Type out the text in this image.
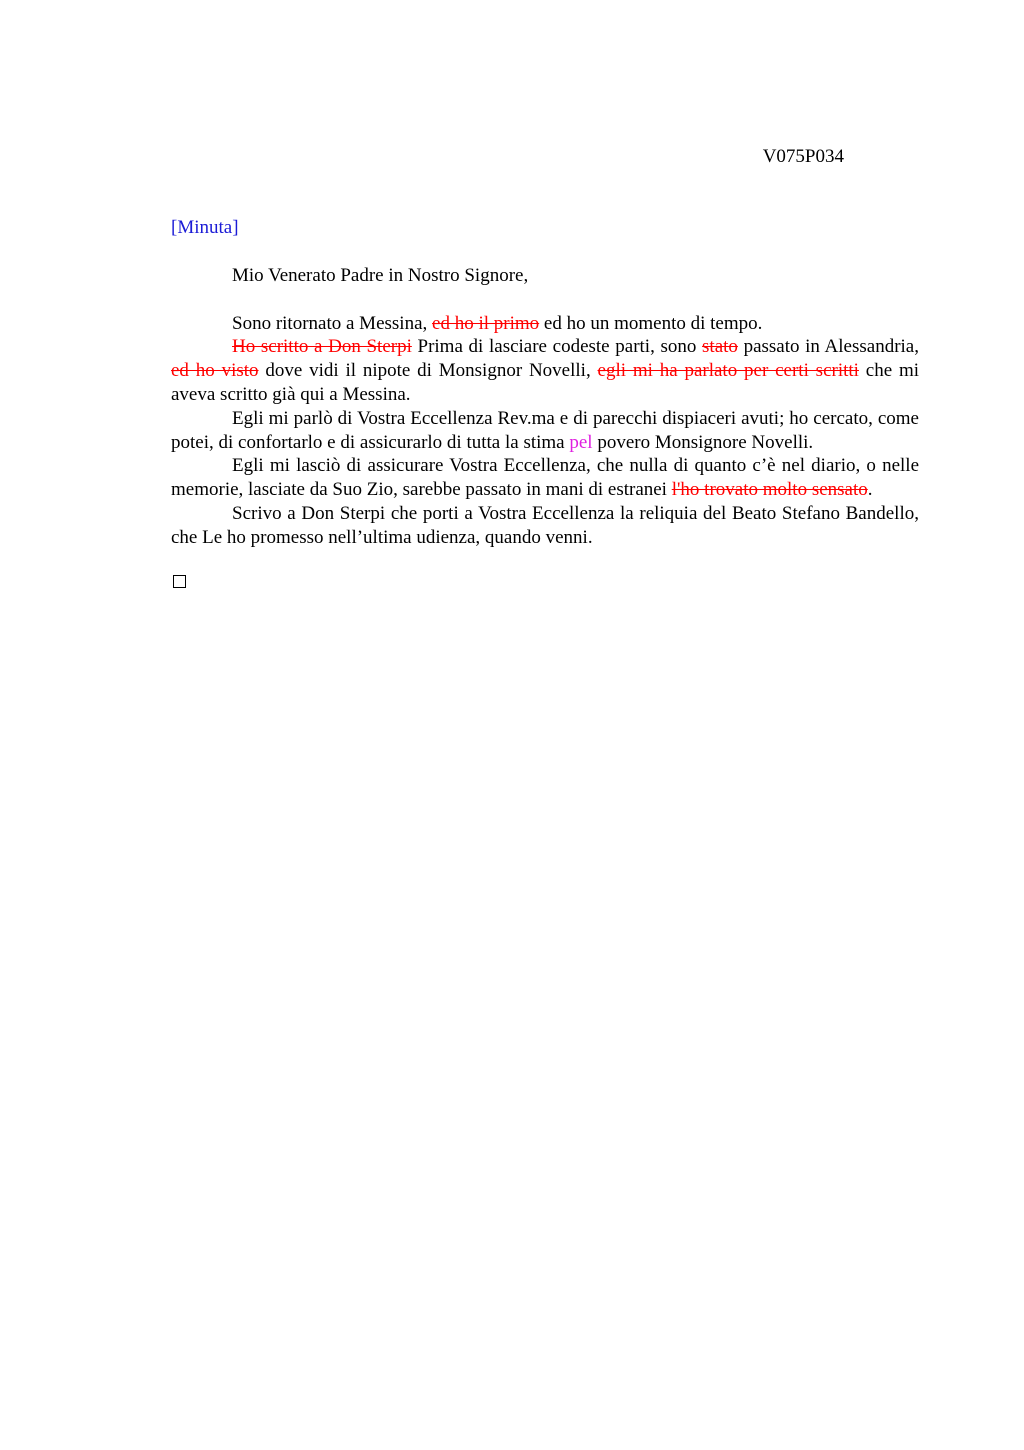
V075P034

[Minuta]

Mio Venerato Padre in Nostro Signore,

Sono ritornato a Messina, ed ho il primo ed ho un momento di tempo.

Ho scritto a Don Sterpi Prima di lasciare codeste parti, sono stato passato in Alessandria, ed ho visto dove vidi il nipote di Monsignor Novelli, egli mi ha parlato per certi scritti che mi aveva scritto già qui a Messina.

Egli mi parlò di Vostra Eccellenza Rev.ma e di parecchi dispiaceri avuti; ho cercato, come potei, di confortarlo e di assicurarlo di tutta la stima pel povero Monsignore Novelli.

Egli mi lasciò di assicurare Vostra Eccellenza, che nulla di quanto c’è nel diario, o nelle memorie, lasciate da Suo Zio, sarebbe passato in mani di estranei l'ho trovato molto sensato.

Scrivo a Don Sterpi che porti a Vostra Eccellenza la reliquia del Beato Stefano Bandello, che Le ho promesso nell’ultima udienza, quando venni.
